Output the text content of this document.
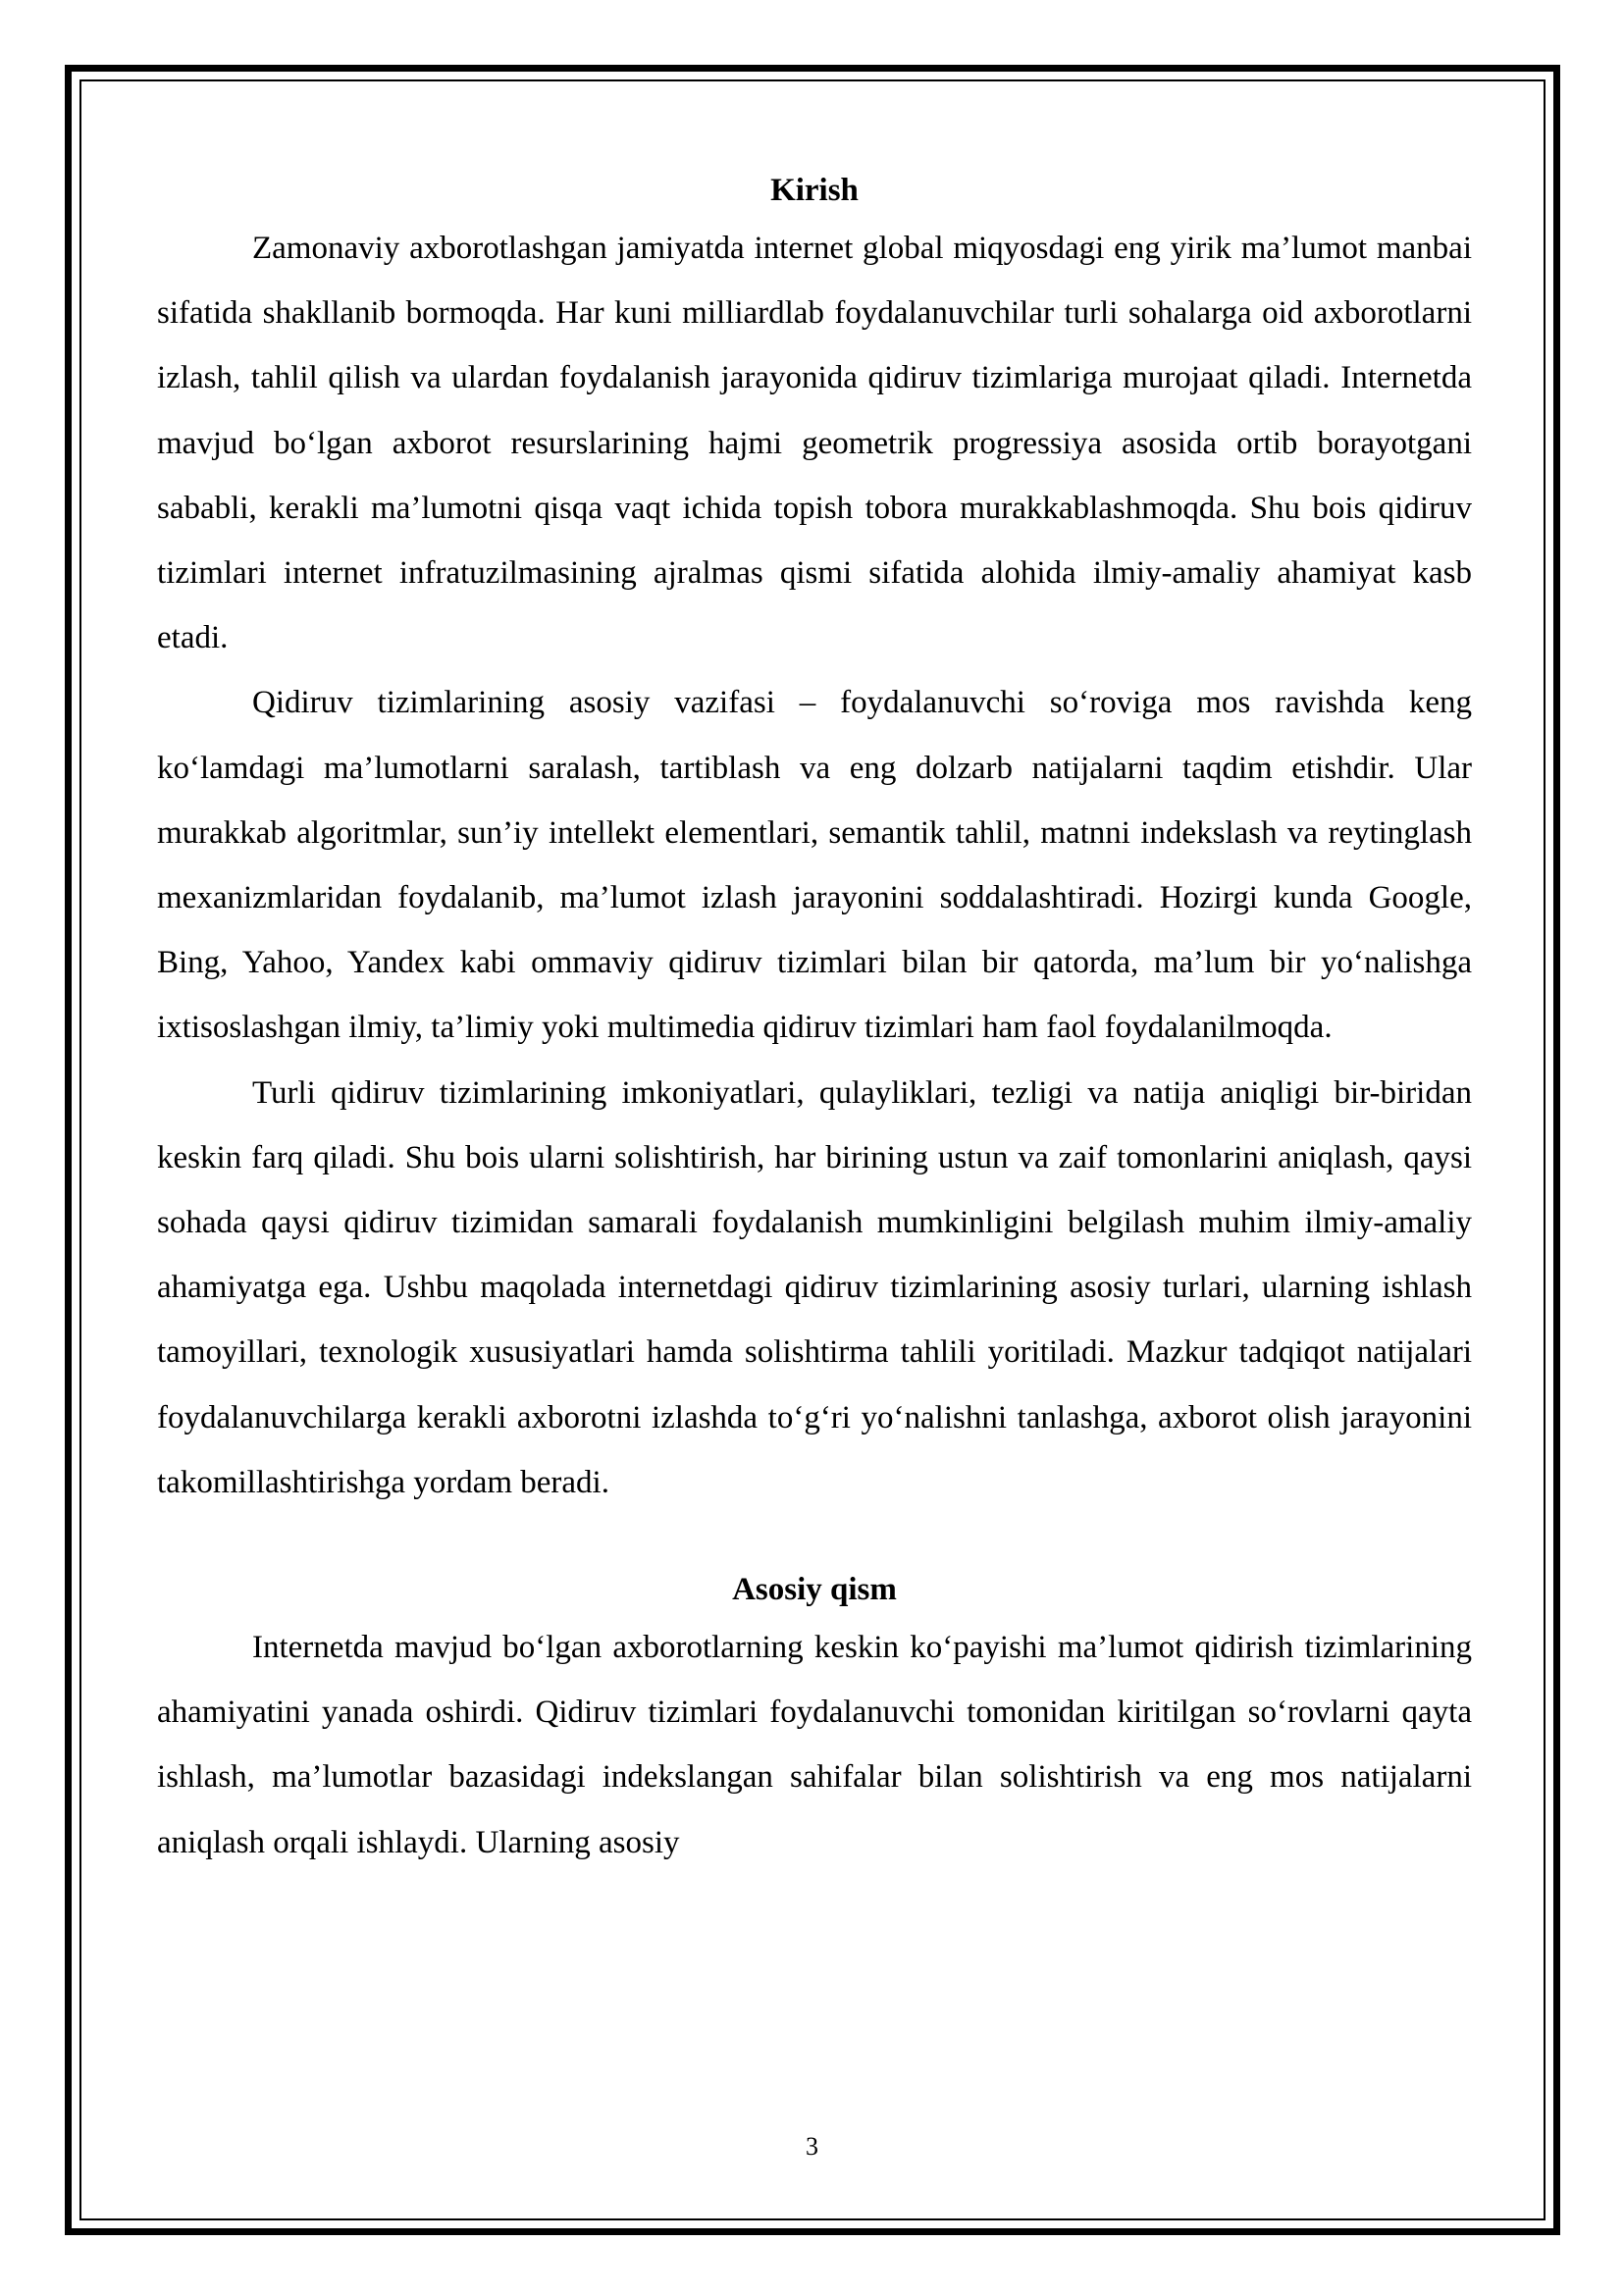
Kirish

Zamonaviy axborotlashgan jamiyatda internet global miqyosdagi eng yirik ma’lumot manbai sifatida shakllanib bormoqda. Har kuni milliardlab foydalanuvchilar turli sohalarga oid axborotlarni izlash, tahlil qilish va ulardan foydalanish jarayonida qidiruv tizimlariga murojaat qiladi. Internetda mavjud bo‘lgan axborot resurslarining hajmi geometrik progressiya asosida ortib borayotgani sababli, kerakli ma’lumotni qisqa vaqt ichida topish tobora murakkablashmoqda. Shu bois qidiruv tizimlari internet infratuzilmasining ajralmas qismi sifatida alohida ilmiy-amaliy ahamiyat kasb etadi.

Qidiruv tizimlarining asosiy vazifasi – foydalanuvchi so‘roviga mos ravishda keng ko‘lamdagi ma’lumotlarni saralash, tartiblash va eng dolzarb natijalarni taqdim etishdir. Ular murakkab algoritmlar, sun’iy intellekt elementlari, semantik tahlil, matnni indekslash va reytinglash mexanizmlaridan foydalanib, ma’lumot izlash jarayonini soddalashtiradi. Hozirgi kunda Google, Bing, Yahoo, Yandex kabi ommaviy qidiruv tizimlari bilan bir qatorda, ma’lum bir yo‘nalishga ixtisoslashgan ilmiy, ta’limiy yoki multimedia qidiruv tizimlari ham faol foydalanilmoqda.

Turli qidiruv tizimlarining imkoniyatlari, qulayliklari, tezligi va natija aniqligi bir-biridan keskin farq qiladi. Shu bois ularni solishtirish, har birining ustun va zaif tomonlarini aniqlash, qaysi sohada qaysi qidiruv tizimidan samarali foydalanish mumkinligini belgilash muhim ilmiy-amaliy ahamiyatga ega. Ushbu maqolada internetdagi qidiruv tizimlarining asosiy turlari, ularning ishlash tamoyillari, texnologik xususiyatlari hamda solishtirma tahlili yoritiladi. Mazkur tadqiqot natijalari foydalanuvchilarga kerakli axborotni izlashda to‘g‘ri yo‘nalishni tanlashga, axborot olish jarayonini takomillashtirishga yordam beradi.

Asosiy qism

Internetda mavjud bo‘lgan axborotlarning keskin ko‘payishi ma’lumot qidirish tizimlarining ahamiyatini yanada oshirdi. Qidiruv tizimlari foydalanuvchi tomonidan kiritilgan so‘rovlarni qayta ishlash, ma’lumotlar bazasidagi indekslangan sahifalar bilan solishtirish va eng mos natijalarni aniqlash orqali ishlaydi. Ularning asosiy

3
